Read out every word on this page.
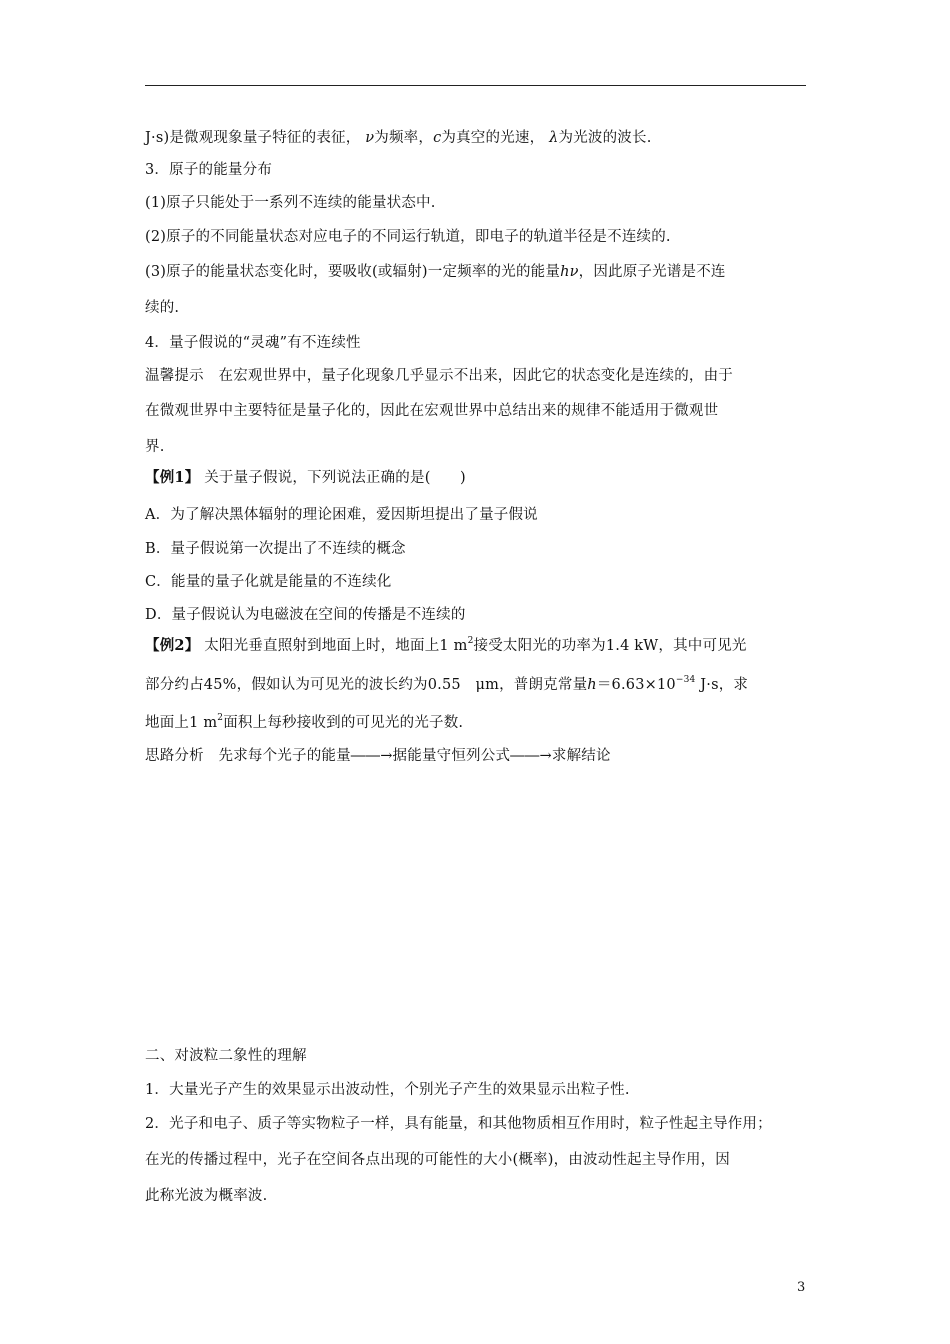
J·s)是微观现象量子特征的表征， ν为频率，c为真空的光速， λ为光波的波长.
3．原子的能量分布
(1)原子只能处于一系列不连续的能量状态中.
(2)原子的不同能量状态对应电子的不同运行轨道，即电子的轨道半径是不连续的.
(3)原子的能量状态变化时，要吸收(或辐射)一定频率的光的能量hν，因此原子光谱是不连
续的.
4．量子假说的“灵魂”有不连续性
温馨提示　在宏观世界中，量子化现象几乎显示不出来，因此它的状态变化是连续的，由于
在微观世界中主要特征是量子化的，因此在宏观世界中总结出来的规律不能适用于微观世
界.
【例1】 关于量子假说，下列说法正确的是(　　)
A．为了解决黑体辐射的理论困难，爱因斯坦提出了量子假说
B．量子假说第一次提出了不连续的概念
C．能量的量子化就是能量的不连续化
D．量子假说认为电磁波在空间的传播是不连续的
【例2】 太阳光垂直照射到地面上时，地面上1 $m^2$接受太阳光的功率为1.4 kW，其中可见光
部分约占45%，假如认为可见光的波长约为0.55　μm，普朗克常量$h=6.63\times 10^{-34}$ J·s，求
地面上1 $m^2$面积上每秒接收到的可见光的光子数.
思路分析　先求每个光子的能量――→据能量守恒列公式――→求解结论
二、对波粒二象性的理解
1．大量光子产生的效果显示出波动性，个别光子产生的效果显示出粒子性.
2．光子和电子、质子等实物粒子一样，具有能量，和其他物质相互作用时，粒子性起主导作用；
在光的传播过程中，光子在空间各点出现的可能性的大小(概率)，由波动性起主导作用，因
此称光波为概率波.
3
